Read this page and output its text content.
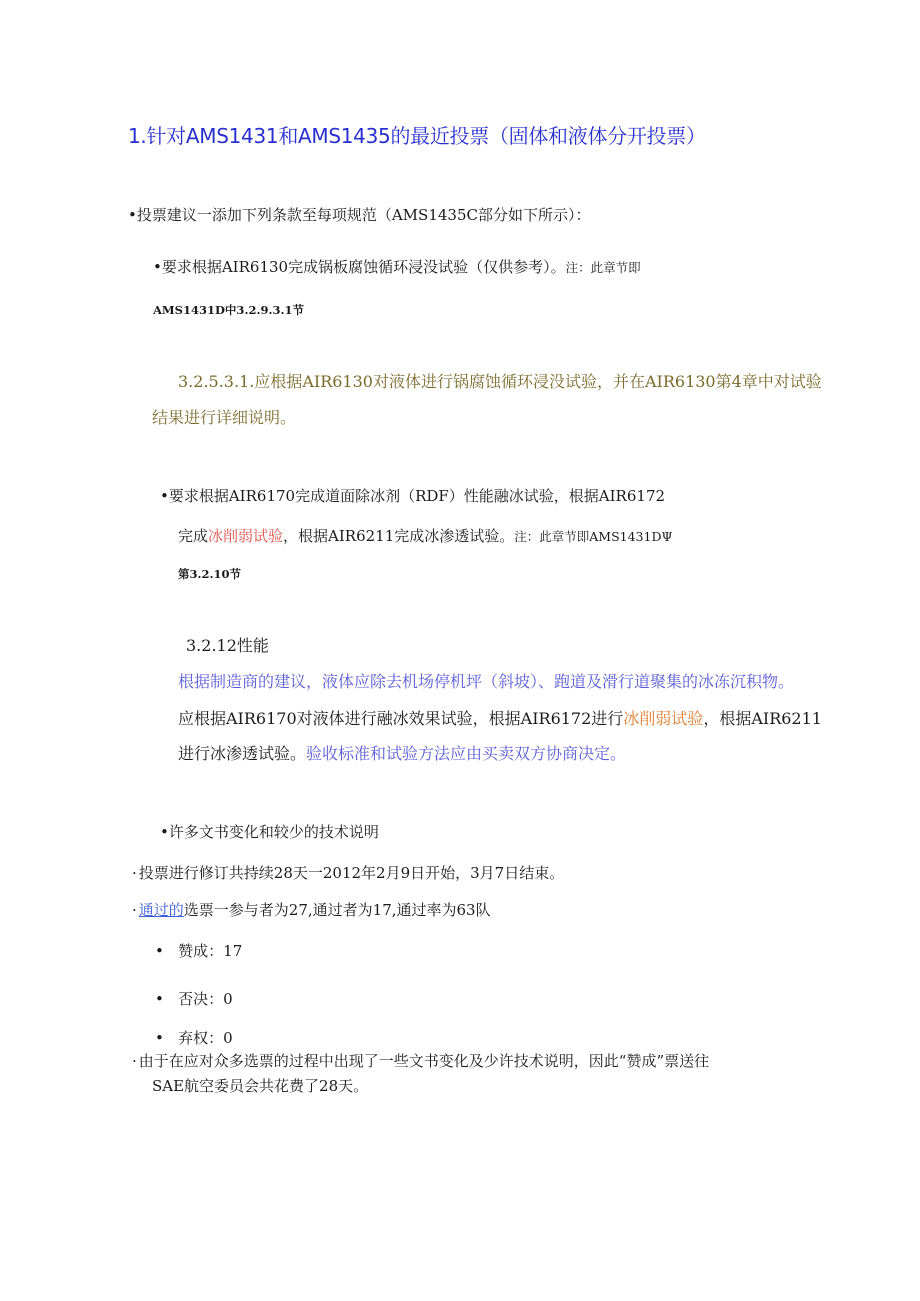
1.针对AMS1431和AMS1435的最近投票（固体和液体分开投票）
•投票建议一添加下列条款至每项规范（AMS1435C部分如下所示）：
•要求根据AIR6130完成锅板腐蚀循环浸没试验（仅供参考）。注：此章节即
AMS1431D中3.2.9.3.1节
3.2.5.3.1.应根据AIR6130对液体进行锅腐蚀循环浸没试验，并在AIR6130第4章中对试验
结果进行详细说明。
•要求根据AIR6170完成道面除冰剂（RDF）性能融冰试验，根据AIR6172
完成冰削弱试验，根据AIR6211完成冰渗透试验。注：此章节即AMS1431DΨ
第3.2.10节
3.2.12性能
根据制造商的建议，液体应除去机场停机坪（斜坡）、跑道及滑行道聚集的冰冻沉积物。
应根据AIR6170对液体进行融冰效果试验，根据AIR6172进行冰削弱试验，根据AIR6211
进行冰渗透试验。验收标准和试验方法应由买卖双方协商决定。
•许多文书变化和较少的技术说明
· 投票进行修订共持续28天一2012年2月9日开始，3月7日结束。
· 通过的选票一参与者为27,通过者为17,通过率为63队
• 赞成：17
• 否决：0
• 弃权：0
· 由于在应对众多选票的过程中出现了一些文书变化及少许技术说明，因此“赞成”票送往
SAE航空委员会共花费了28天。
